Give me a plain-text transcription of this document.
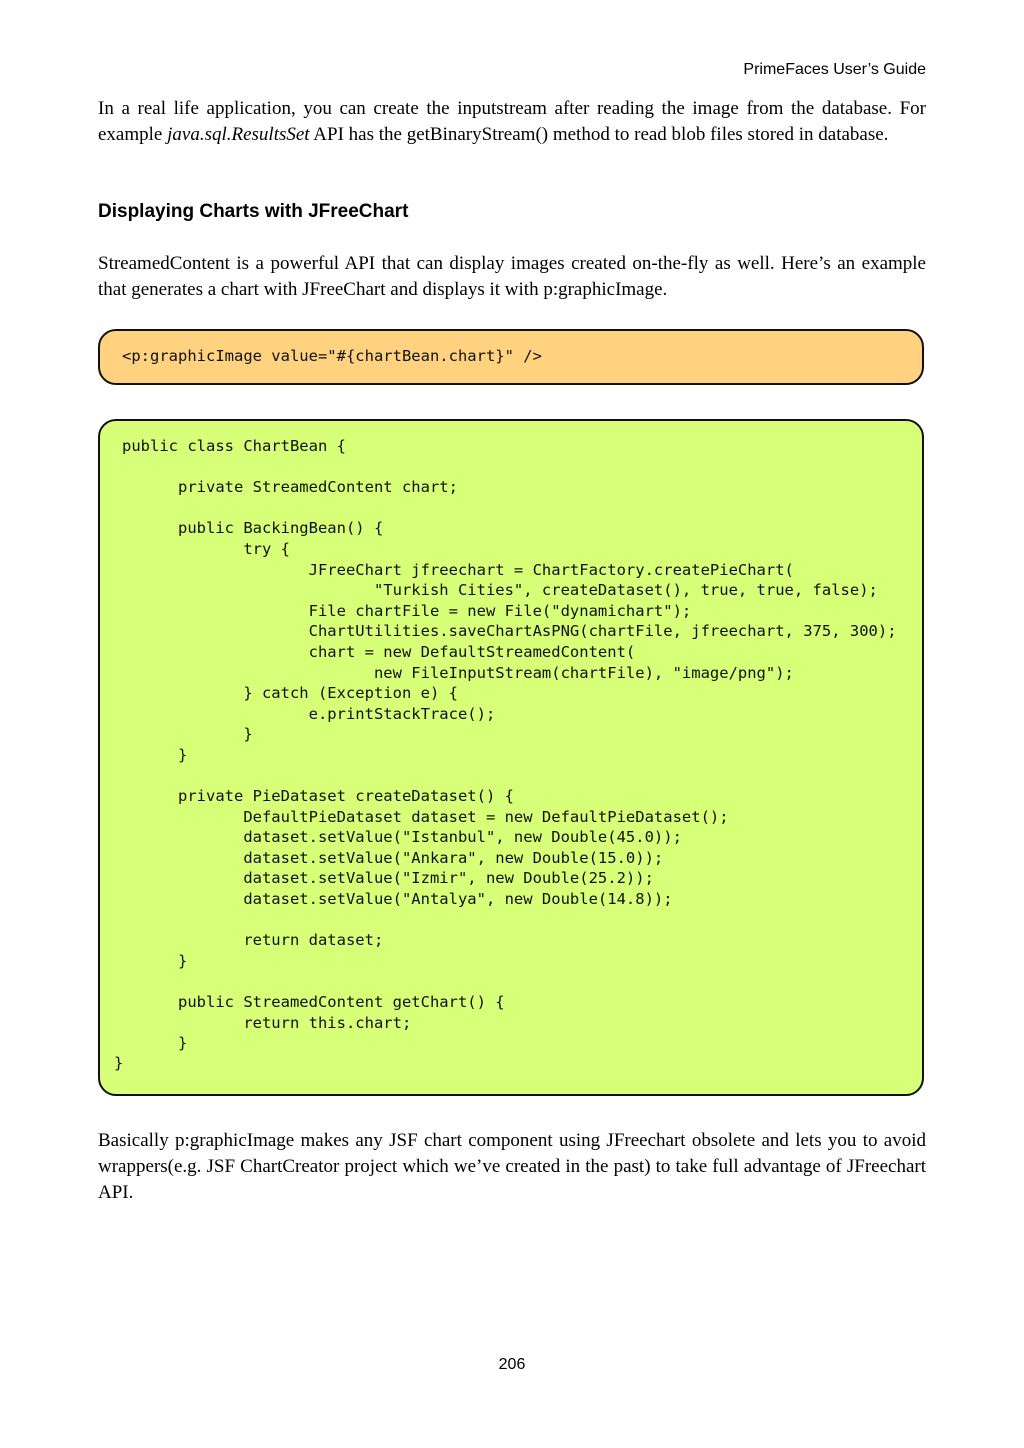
PrimeFaces User’s Guide

In a real life application, you can create the inputstream after reading the image from the database. For example java.sql.ResultsSet API has the getBinaryStream() method to read blob files stored in database.

Displaying Charts with JFreeChart

StreamedContent is a powerful API that can display images created on-the-fly as well. Here’s an example that generates a chart with JFreeChart and displays it with p:graphicImage.

<p:graphicImage value="#{chartBean.chart}" />
public class ChartBean {

private StreamedContent chart;

public BackingBean() {
try {
JFreeChart jfreechart = ChartFactory.createPieChart(
"Turkish Cities", createDataset(), true, true, false);
File chartFile = new File("dynamichart");
ChartUtilities.saveChartAsPNG(chartFile, jfreechart, 375, 300);
chart = new DefaultStreamedContent(
new FileInputStream(chartFile), "image/png");
} catch (Exception e) {
e.printStackTrace();
}
}

private PieDataset createDataset() {
DefaultPieDataset dataset = new DefaultPieDataset();
dataset.setValue("Istanbul", new Double(45.0));
dataset.setValue("Ankara", new Double(15.0));
dataset.setValue("Izmir", new Double(25.2));
dataset.setValue("Antalya", new Double(14.8));

return dataset;
}

public StreamedContent getChart() {
return this.chart;
}
}

Basically p:graphicImage makes any JSF chart component using JFreechart obsolete and lets you to avoid wrappers(e.g. JSF ChartCreator project which we’ve created in the past) to take full advantage of JFreechart API.

206
